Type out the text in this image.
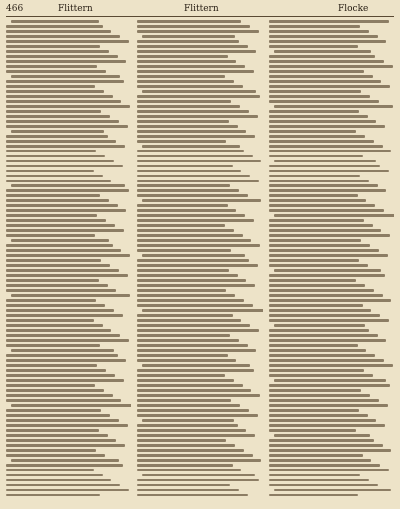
466	Flittern	Flittern	Flocke
